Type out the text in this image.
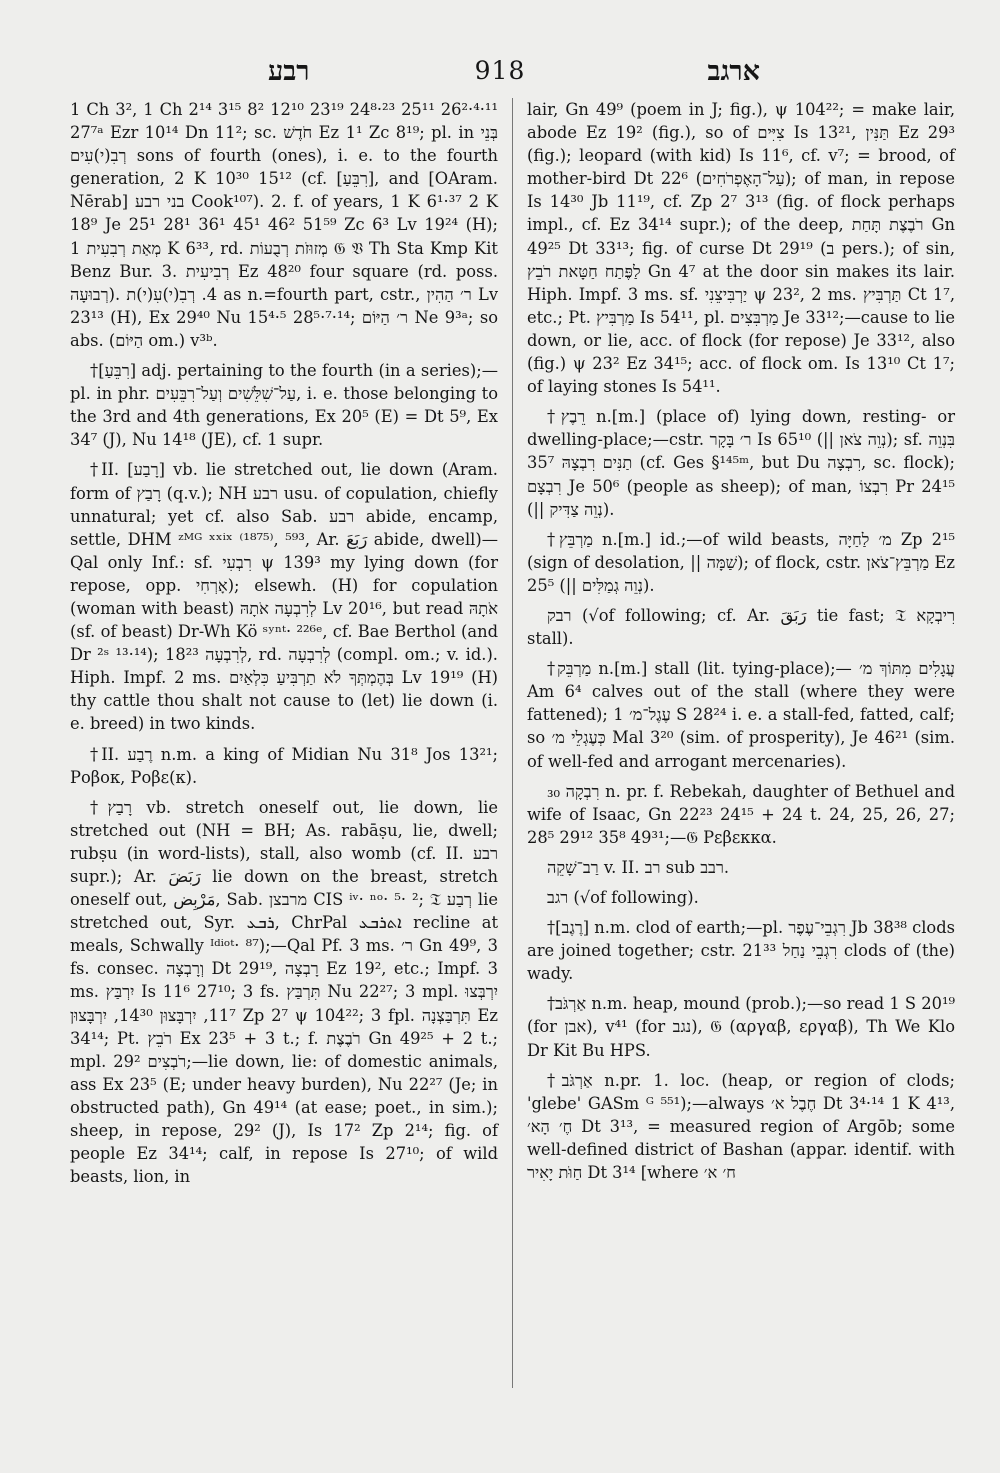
רבע	918	ארגב

1 Ch 3², 1 Ch 2¹⁴ 3¹⁵ 8² 12¹⁰ 23¹⁹ 24⁸·²³ 25¹¹ 26²·⁴·¹¹ 27⁷ᵃ Ezr 10¹⁴ Dn 11²; sc. חֹדֶשׁ Ez 1¹ Zc 8¹⁹; pl. in בְּנֵי רְבִ(י)עִים sons of fourth (ones), i. e. to the fourth generation, 2 K 10³⁰ 15¹² (cf. [רִבֵּעַ], and [OAram. Nērab] בני רבע Cook¹⁰⁷). 2. f. of years, 1 K 6¹·³⁷ 2 K 18⁹ Je 25¹ 28¹ 36¹ 45¹ 46² 51⁵⁹ Zc 6³ Lv 19²⁴ (H); מְאַת רְבִעִית 1 K 6³³, rd. מְזוּזֹת רְבֻעוֹת 𝔊 𝔙 Th Sta Kmp Kit Benz Bur. 3. רְבִיעִית Ez 48²⁰ four square (rd. poss. רְבוּעָה). 4. רְבִ(י)עִ(י)ת as n.=fourth part, cstr., ר׳ הַהִין Lv 23¹³ (H), Ex 29⁴⁰ Nu 15⁴·⁵ 28⁵·⁷·¹⁴; ר׳ הַיּוֹם Ne 9³ᵃ; so abs. (הַיּוֹם om.) v³ᵇ.

†[רִבֵּעַ] adj. pertaining to the fourth (in a series);—pl. in phr. עַל־שִׁלֵּשִׁים וְעַל־רִבֵּעִים, i. e. those belonging to the 3rd and 4th generations, Ex 20⁵ (E) = Dt 5⁹, Ex 34⁷ (J), Nu 14¹⁸ (JE), cf. 1 supr.

†II. [רָבַע] vb. lie stretched out, lie down (Aram. form of רָבַץ (q.v.); NH רבע usu. of copulation, chiefly unnatural; yet cf. also Sab. רבע abide, encamp, settle, DHM ᶻᴹᴳ ˣˣⁱˣ ⁽¹⁸⁷⁵⁾, ⁵⁹³, Ar. رَبَعَ abide, dwell)—Qal only Inf.: sf. רִבְעִי ψ 139³ my lying down (for repose, opp. אָרְחִי); elsewh. (H) for copulation (woman with beast) לְרִבְעָה אֹתָהּ Lv 20¹⁶, but read אֹתָהּ (sf. of beast) Dr-Wh Kö ˢʸⁿᵗ· ²²⁶ᵉ, cf. Bae Berthol (and Dr ²ˢ ¹³·¹⁴); לְרִבְעָה 18²³, rd. לְרִבְעָה (compl. om.; v. id.). Hiph. Impf. 2 ms. בְּהֶמְתְּךָ לֹא תַרְבִּיעַ כִּלְאַיִם Lv 19¹⁹ (H) thy cattle thou shalt not cause to (let) lie down (i. e. breed) in two kinds.

†II. רֶבַע n.m. a king of Midian Nu 31⁸ Jos 13²¹; Ροβοκ, Ροβε(κ).

†רָבַץ vb. stretch oneself out, lie down, lie stretched out (NH = BH; As. rabāṣu, lie, dwell; rubṣu (in word-lists), stall, also womb (cf. II. רבע supr.); Ar. رَبَضَ lie down on the breast, stretch oneself out, مَرْبِض, Sab. מרבצן CIS ⁱᵛ· ⁿᵒ· ⁵· ²; 𝔗 רְבַע lie stretched out, Syr. ܪܒܥ, ChrPal ܐܬܪܒܥ recline at meals, Schwally ᴵᵈⁱᵒᵗ· ⁸⁷);—Qal Pf. 3 ms. ר׳ Gn 49⁹, 3 fs. consec. וְרָבְצָה Dt 29¹⁹, רָבְצָה Ez 19², etc.; Impf. 3 ms. יִרְבַּץ Is 11⁶ 27¹⁰; 3 fs. תִּרְבַּץ Nu 22²⁷; 3 mpl. יִרְבְּצוּ 11⁷, יִרְבָּצוּן 14³⁰, יִרְבָּצוּן Zp 2⁷ ψ 104²²; 3 fpl. תִּרְבַּצְנָה Ez 34¹⁴; Pt. רֹבֵץ Ex 23⁵ + 3 t.; f. רֹבֶצֶת Gn 49²⁵ + 2 t.; mpl. רֹבְצִים 29²;—lie down, lie: of domestic animals, ass Ex 23⁵ (E; under heavy burden), Nu 22²⁷ (Je; in obstructed path), Gn 49¹⁴ (at ease; poet., in sim.); sheep, in repose, 29² (J), Is 17² Zp 2¹⁴; fig. of people Ez 34¹⁴; calf, in repose Is 27¹⁰; of wild beasts, lion, in

lair, Gn 49⁹ (poem in J; fig.), ψ 104²²; = make lair, abode Ez 19² (fig.), so of צִיִּים Is 13²¹, תַּנִּין Ez 29³ (fig.); leopard (with kid) Is 11⁶, cf. v⁷; = brood, of mother-bird Dt 22⁶ (עַל־הָאֶפְרֹחִים); of man, in repose Is 14³⁰ Jb 11¹⁹, cf. Zp 2⁷ 3¹³ (fig. of flock perhaps impl., cf. Ez 34¹⁴ supr.); of the deep, רֹבֶצֶת תָּחַת Gn 49²⁵ Dt 33¹³; fig. of curse Dt 29¹⁹ (ב pers.); of sin, לַפֶּתַח חַטָּאת רֹבֵץ Gn 4⁷ at the door sin makes its lair. Hiph. Impf. 3 ms. sf. יַרְבִּיצֵנִי ψ 23², 2 ms. תַּרְבִּיץ Ct 1⁷, etc.; Pt. מַרְבִּיץ Is 54¹¹, pl. מַרְבִּצִים Je 33¹²;—cause to lie down, or lie, acc. of flock (for repose) Je 33¹², also (fig.) ψ 23² Ez 34¹⁵; acc. of flock om. Is 13¹⁰ Ct 1⁷; of laying stones Is 54¹¹.

†רֵבֶץ n.[m.] (place of) lying down, resting- or dwelling-place;—cstr. ר׳ בָּקָר Is 65¹⁰ (|| נְוֵה צֹאן); sf. בִּנְוֵה תַנִּים רִבְצָהּ 35⁷ (cf. Ges §¹⁴⁵ᵐ, but Du רִבְצָה, sc. flock); רִבְצָם Je 50⁶ (people as sheep); of man, רִבְצוֹ Pr 24¹⁵ (|| נְוֵה צַדִּיק).

†מַרְבֵּץ n.[m.] id.;—of wild beasts, מ׳ לַחַיָּה Zp 2¹⁵ (sign of desolation, || שַׁמָּה); of flock, cstr. מַרְבֵּץ־צֹאן Ez 25⁵ (|| נְוֵה גְמַלִּים).

רבק (√of following; cf. Ar. رَبَقَ tie fast; 𝔗 רִיבְקָא stall).

†מַרְבֵּק n.[m.] stall (lit. tying-place);— עֲגָלִים מִתּוֹךְ מ׳ Am 6⁴ calves out of the stall (where they were fattened); עֶגֶל־מ׳ 1 S 28²⁴ i. e. a stall-fed, fatted, calf; so כְּעֶגְלֵי מ׳ Mal 3²⁰ (sim. of prosperity), Je 46²¹ (sim. of well-fed and arrogant mercenaries).

רִבְקָה ₃₀ n. pr. f. Rebekah, daughter of Bethuel and wife of Isaac, Gn 22²³ 24¹⁵ + 24 t. 24, 25, 26, 27; 28⁵ 29¹² 35⁸ 49³¹;—𝔊 Ρεβεκκα.

רַב־שָׁקֵה v. II. רב sub רבב.

רגב (√of following).

†[רֶגֶב] n.m. clod of earth;—pl. רִגְבֵי־עֶפֶר Jb 38³⁸ clods are joined together; cstr. רִגְבֵי נַחַל 21³³ clods of (the) wady.

†אַרְגֹּב n.m. heap, mound (prob.);—so read 1 S 20¹⁹ (for אבן), v⁴¹ (for נגב), 𝔊 (αργαβ, εργαβ), Th We Klo Dr Kit Bu HPS.

†אַרְגֹּב n.pr. 1. loc. (heap, or region of clods; 'glebe' GASm ᴳ ⁵⁵¹);—always חֶבֶל א׳ Dt 3⁴·¹⁴ 1 K 4¹³, חֶ׳ הָא׳ Dt 3¹³, = measured region of Argōb; some well-defined district of Bashan (appar. identif. with חַוֹּת יָאִיר Dt 3¹⁴ [where ח׳ א׳
